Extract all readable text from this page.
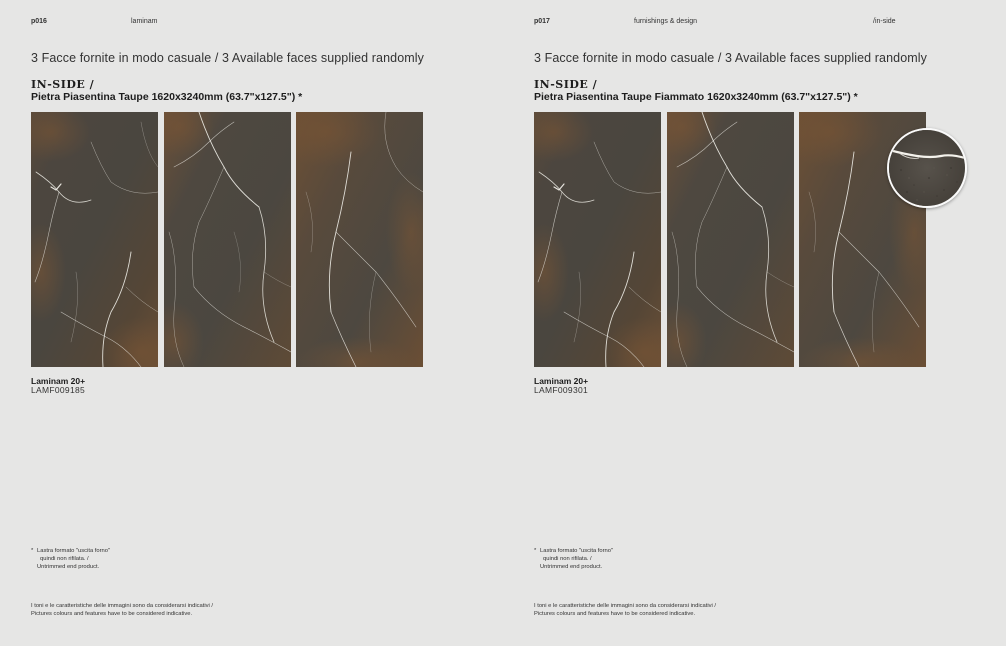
p016	laminam
3 Facce fornite in modo casuale / 3 Available faces supplied randomly
IN-SIDE /
Pietra Piasentina Taupe 1620x3240mm (63.7"x127.5") *
Laminam 20+
LAMF009185
* Lastra formato "uscita forno"
quindi non rifilata. /
Untrimmed end product.
I toni e le caratteristiche delle immagini sono da considerarsi indicativi /
Pictures colours and features have to be considered indicative.
p017	furnishings & design	/in-side
3 Facce fornite in modo casuale / 3 Available faces supplied randomly
IN-SIDE /
Pietra Piasentina Taupe Fiammato 1620x3240mm (63.7"x127.5") *
Laminam 20+
LAMF009301
* Lastra formato "uscita forno"
quindi non rifilata. /
Untrimmed end product.
I toni e le caratteristiche delle immagini sono da considerarsi indicativi /
Pictures colours and features have to be considered indicative.
